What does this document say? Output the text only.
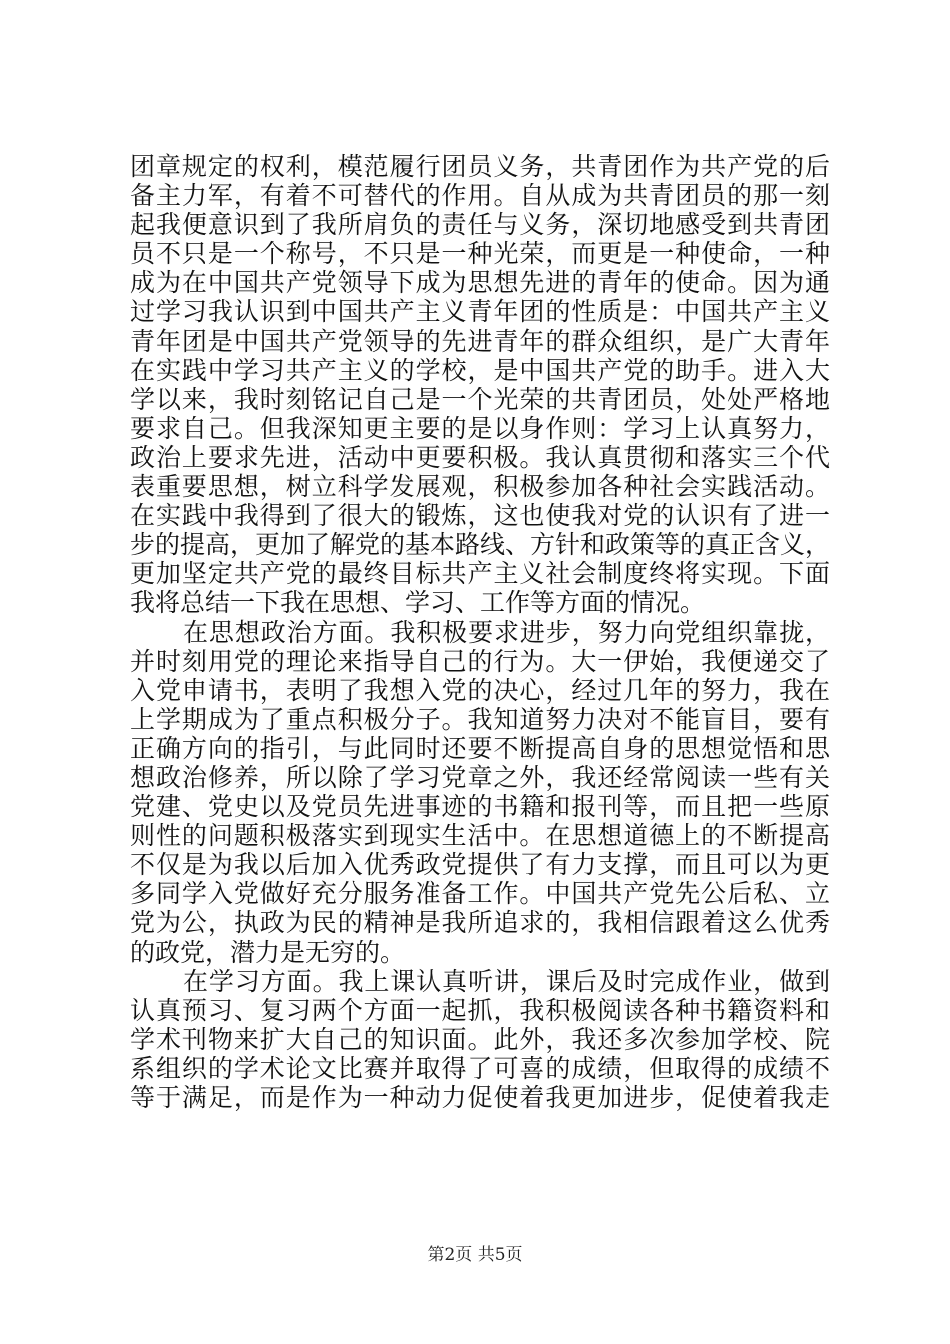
团章规定的权利，模范履行团员义务，共青团作为共产党的后
备主力军，有着不可替代的作用。自从成为共青团员的那一刻
起我便意识到了我所肩负的责任与义务，深切地感受到共青团
员不只是一个称号，不只是一种光荣，而更是一种使命，一种
成为在中国共产党领导下成为思想先进的青年的使命。因为通
过学习我认识到中国共产主义青年团的性质是：中国共产主义
青年团是中国共产党领导的先进青年的群众组织，是广大青年
在实践中学习共产主义的学校，是中国共产党的助手。进入大
学以来，我时刻铭记自己是一个光荣的共青团员，处处严格地
要求自己。但我深知更主要的是以身作则：学习上认真努力，
政治上要求先进，活动中更要积极。我认真贯彻和落实三个代
表重要思想，树立科学发展观，积极参加各种社会实践活动。
在实践中我得到了很大的锻炼，这也使我对党的认识有了进一
步的提高，更加了解党的基本路线、方针和政策等的真正含义，
更加坚定共产党的最终目标共产主义社会制度终将实现。下面
我将总结一下我在思想、学习、工作等方面的情况。
在思想政治方面。我积极要求进步，努力向党组织靠拢，
并时刻用党的理论来指导自己的行为。大一伊始，我便递交了
入党申请书，表明了我想入党的决心，经过几年的努力，我在
上学期成为了重点积极分子。我知道努力决对不能盲目，要有
正确方向的指引，与此同时还要不断提高自身的思想觉悟和思
想政治修养，所以除了学习党章之外，我还经常阅读一些有关
党建、党史以及党员先进事迹的书籍和报刊等，而且把一些原
则性的问题积极落实到现实生活中。在思想道德上的不断提高
不仅是为我以后加入优秀政党提供了有力支撑，而且可以为更
多同学入党做好充分服务准备工作。中国共产党先公后私、立
党为公，执政为民的精神是我所追求的，我相信跟着这么优秀
的政党，潜力是无穷的。
在学习方面。我上课认真听讲，课后及时完成作业，做到
认真预习、复习两个方面一起抓，我积极阅读各种书籍资料和
学术刊物来扩大自己的知识面。此外，我还多次参加学校、院
系组织的学术论文比赛并取得了可喜的成绩，但取得的成绩不
等于满足，而是作为一种动力促使着我更加进步，促使着我走
第2页 共5页
